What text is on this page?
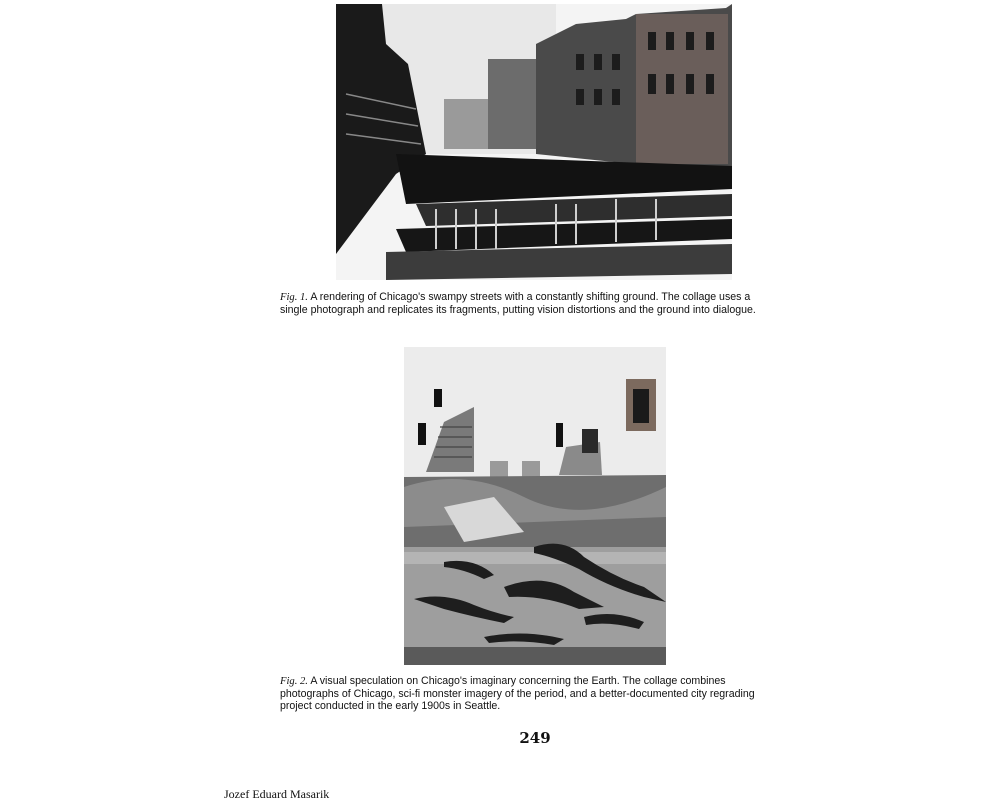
Fig. 1. A rendering of Chicago's swampy streets with a constantly shifting ground. The collage uses a single photograph and replicates its fragments, putting vision distortions and the ground into dialogue.
Fig. 2. A visual speculation on Chicago's imaginary concerning the Earth. The collage combines photographs of Chicago, sci-fi monster imagery of the period, and a better-documented city regrading project conducted in the early 1900s in Seattle.
249
Jozef Eduard Masarik
